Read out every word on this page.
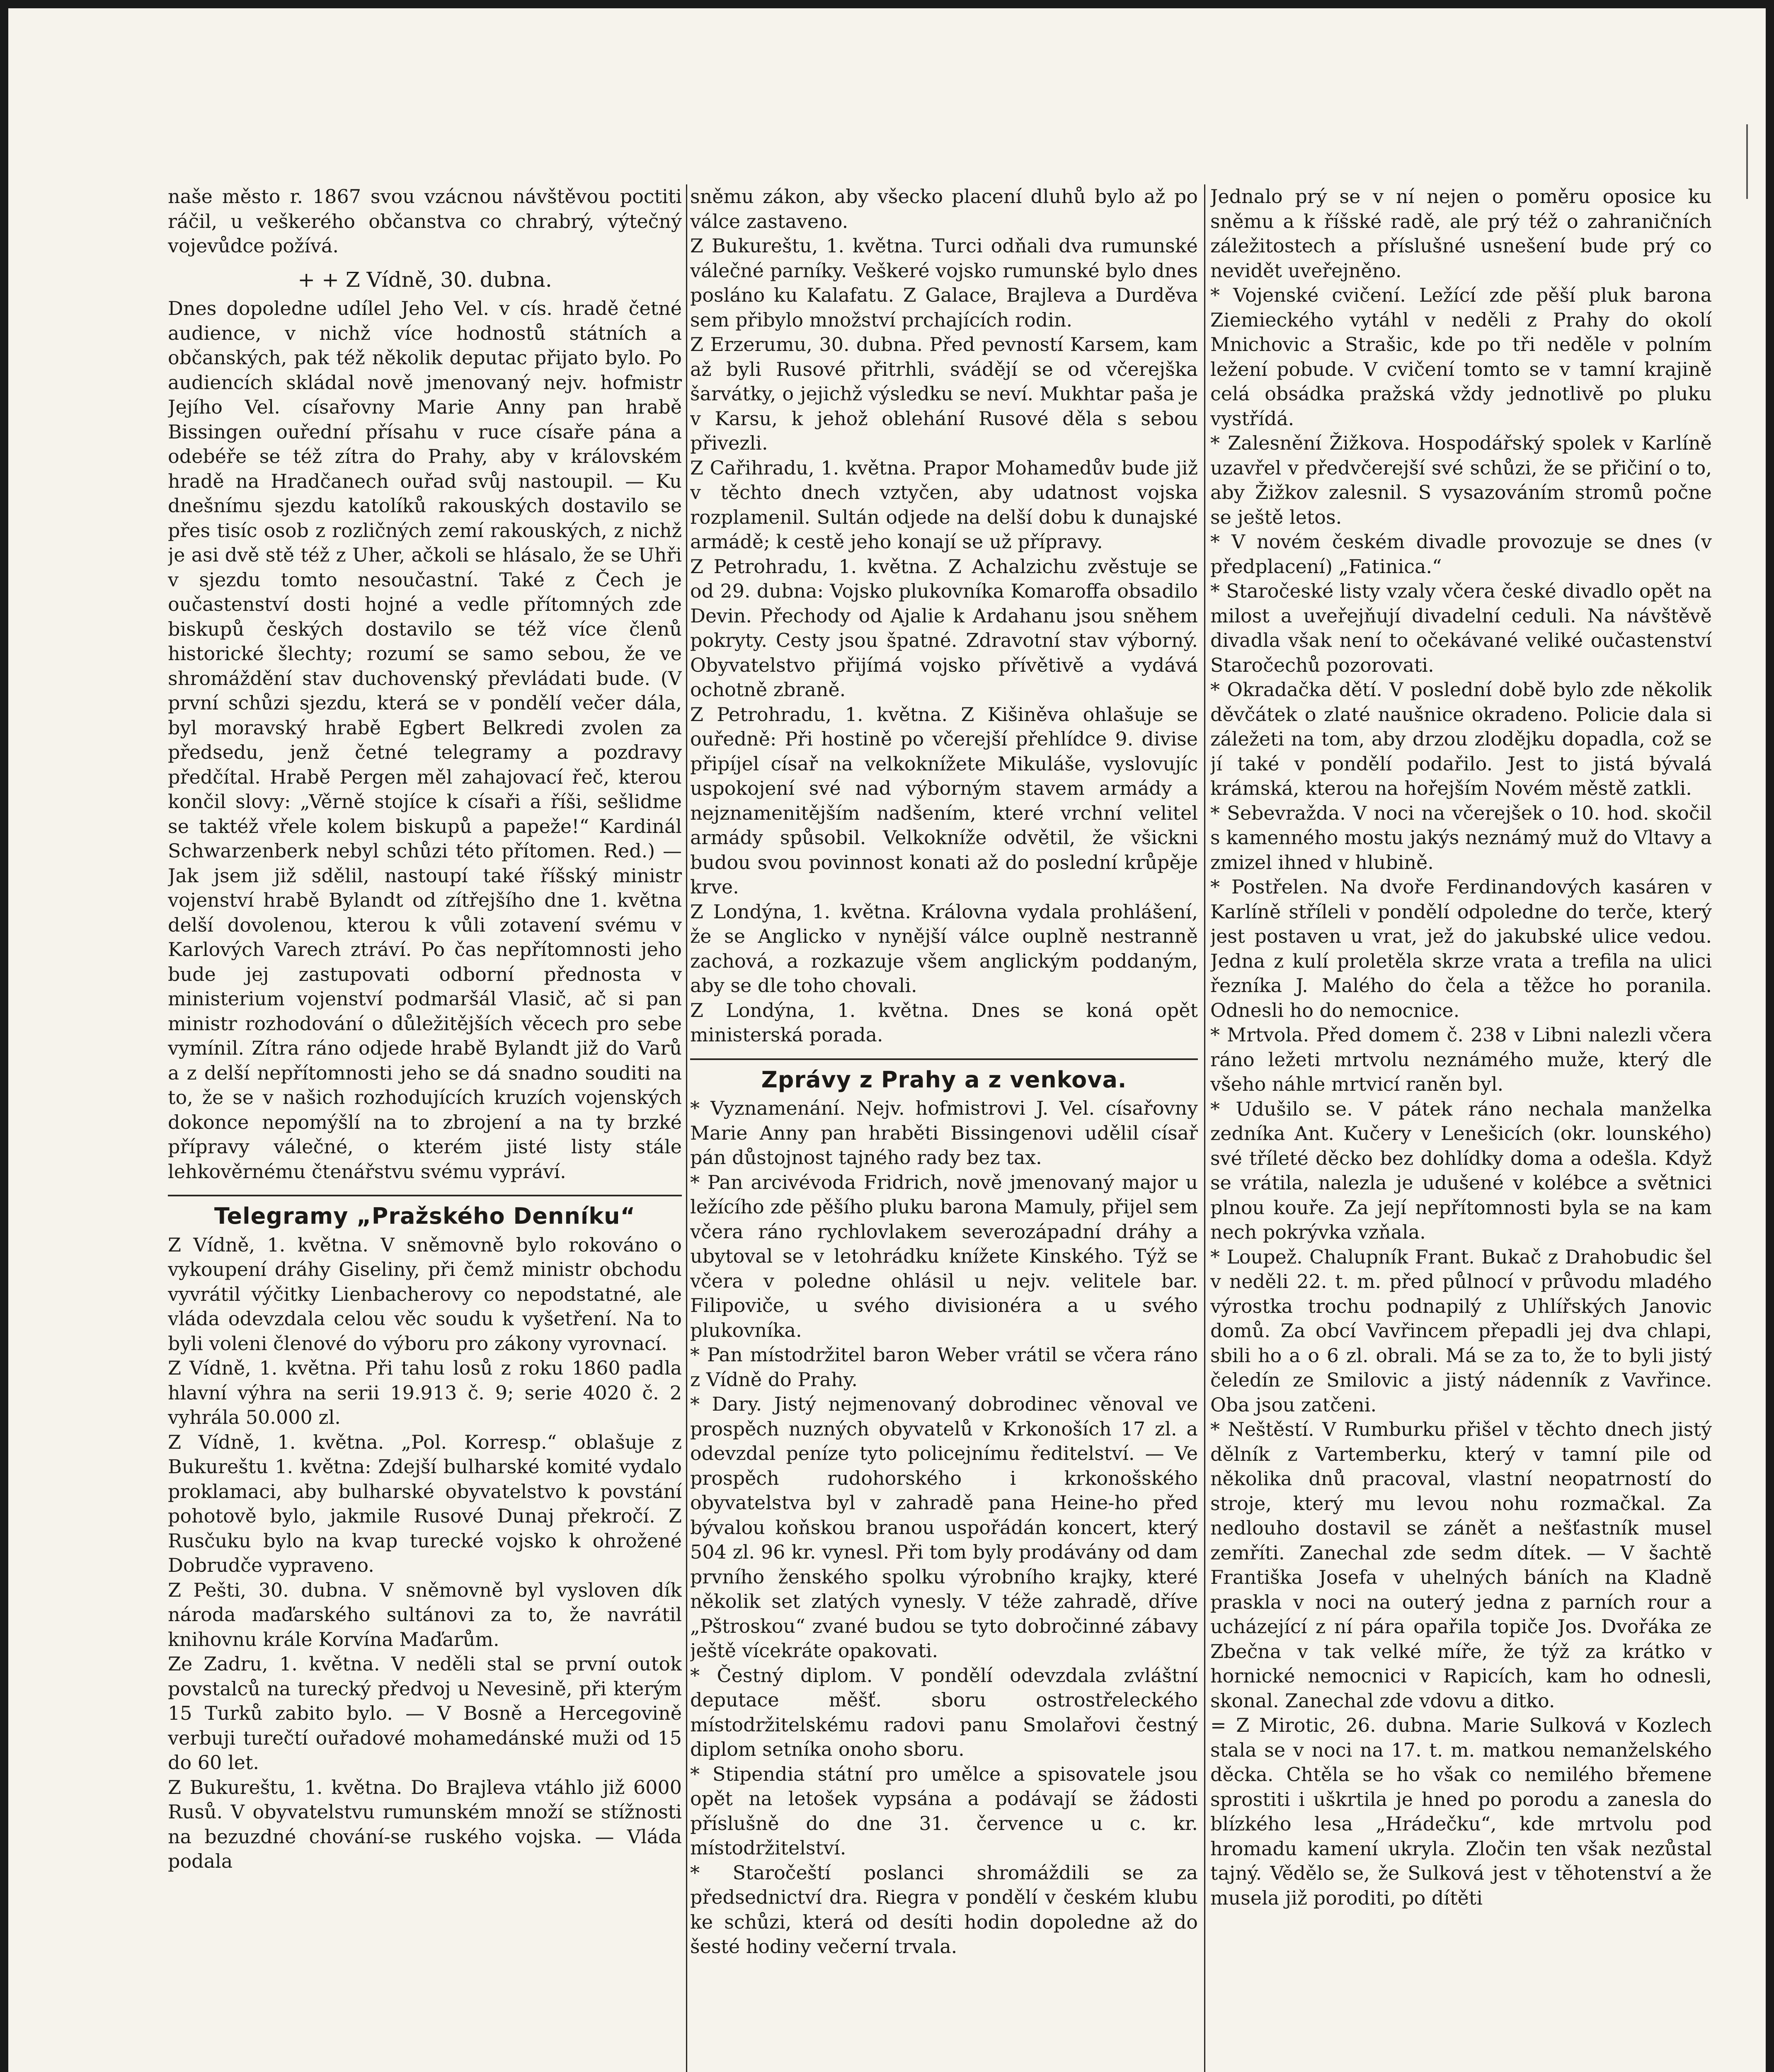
naše město r. 1867 svou vzácnou návštěvou poctiti ráčil, u veškerého občanstva co chrabrý, výtečný vojevůdce požívá.

+ + Z Vídně, 30. dubna.

Dnes dopoledne udílel Jeho Vel. v cís. hradě četné audience, v nichž více hodnostů státních a občanských, pak též několik deputac přijato bylo. Po audiencích skládal nově jmenovaný nejv. hofmistr Jejího Vel. císařovny Marie Anny pan hrabě Bissingen ouřední přísahu v ruce císaře pána a odebéře se též zítra do Prahy, aby v královském hradě na Hradčanech ouřad svůj nastoupil. — Ku dnešnímu sjezdu katolíků rakouských dostavilo se přes tisíc osob z rozličných zemí rakouských, z nichž je asi dvě stě též z Uher, ačkoli se hlásalo, že se Uhři v sjezdu tomto nesoučastní. Také z Čech je oučastenství dosti hojné a vedle přítomných zde biskupů českých dostavilo se též více členů historické šlechty; rozumí se samo sebou, že ve shromáždění stav duchovenský převládati bude. (V první schůzi sjezdu, která se v pondělí večer dála, byl moravský hrabě Egbert Belkredi zvolen za předsedu, jenž četné telegramy a pozdravy předčítal. Hrabě Pergen měl zahajovací řeč, kterou končil slovy: „Věrně stojíce k císaři a říši, sešlidme se taktéž vřele kolem biskupů a papeže!“ Kardinál Schwarzenberk nebyl schůzi této přítomen. Red.) — Jak jsem již sdělil, nastoupí také říšský ministr vojenství hrabě Bylandt od zítřejšího dne 1. května delší dovolenou, kterou k vůli zotavení svému v Karlových Varech ztráví. Po čas nepřítomnosti jeho bude jej zastupovati odborní přednosta v ministerium vojenství podmaršál Vlasič, ač si pan ministr rozhodování o důležitějších věcech pro sebe vymínil. Zítra ráno odjede hrabě Bylandt již do Varů a z delší nepřítomnosti jeho se dá snadno souditi na to, že se v našich rozhodujících kruzích vojenských dokonce nepomýšlí na to zbrojení a na ty brzké přípravy válečné, o kterém jisté listy stále lehkověrnému čtenářstvu svému vypráví.

Telegramy „Pražského Denníku“

Z Vídně, 1. května. V sněmovně bylo rokováno o vykoupení dráhy Giseliny, při čemž ministr obchodu vyvrátil výčitky Lienbacherovy co nepodstatné, ale vláda odevzdala celou věc soudu k vyšetření. Na to byli voleni členové do výboru pro zákony vyrovnací.

Z Vídně, 1. května. Při tahu losů z roku 1860 padla hlavní výhra na serii 19.913 č. 9; serie 4020 č. 2 vyhrála 50.000 zl.

Z Vídně, 1. května. „Pol. Korresp.“ oblašuje z Bukureštu 1. května: Zdejší bulharské komité vydalo proklamaci, aby bulharské obyvatelstvo k povstání pohotově bylo, jakmile Rusové Dunaj překročí. Z Rusčuku bylo na kvap turecké vojsko k ohrožené Dobrudče vypraveno.

Z Pešti, 30. dubna. V sněmovně byl vysloven dík národa maďarského sultánovi za to, že navrátil knihovnu krále Korvína Maďarům.

Ze Zadru, 1. května. V neděli stal se první outok povstalců na turecký předvoj u Nevesině, při kterým 15 Turků zabito bylo. — V Bosně a Hercegovině verbuji turečtí ouřadové mohamedánské muži od 15 do 60 let.

Z Bukureštu, 1. května. Do Brajleva vtáhlo již 6000 Rusů. V obyvatelstvu rumunském množí se stížnosti na bezuzdné chování-se ruského vojska. — Vláda podala

sněmu zákon, aby všecko placení dluhů bylo až po válce zastaveno.

Z Bukureštu, 1. května. Turci odňali dva rumunské válečné parníky. Veškeré vojsko rumunské bylo dnes posláno ku Kalafatu. Z Galace, Brajleva a Durděva sem přibylo množství prchajících rodin.

Z Erzerumu, 30. dubna. Před pevností Karsem, kam až byli Rusové přitrhli, svádějí se od včerejška šarvátky, o jejichž výsledku se neví. Mukhtar paša je v Karsu, k jehož oblehání Rusové děla s sebou přivezli.

Z Cařihradu, 1. května. Prapor Mohamedův bude již v těchto dnech vztyčen, aby udatnost vojska rozplamenil. Sultán odjede na delší dobu k dunajské armádě; k cestě jeho konají se už přípravy.

Z Petrohradu, 1. května. Z Achalzichu zvěstuje se od 29. dubna: Vojsko plukovníka Komaroffa obsadilo Devin. Přechody od Ajalie k Ardahanu jsou sněhem pokryty. Cesty jsou špatné. Zdravotní stav výborný. Obyvatelstvo přijímá vojsko přívětivě a vydává ochotně zbraně.

Z Petrohradu, 1. května. Z Kišiněva ohlašuje se ouředně: Při hostině po včerejší přehlídce 9. divise připíjel císař na velkoknížete Mikuláše, vyslovujíc uspokojení své nad výborným stavem armády a nejznamenitějším nadšením, které vrchní velitel armády spůsobil. Velkokníže odvětil, že všickni budou svou povinnost konati až do poslední krůpěje krve.

Z Londýna, 1. května. Královna vydala prohlášení, že se Anglicko v nynější válce ouplně nestranně zachová, a rozkazuje všem anglickým poddaným, aby se dle toho chovali.

Z Londýna, 1. května. Dnes se koná opět ministerská porada.

Zprávy z Prahy a z venkova.

* Vyznamenání. Nejv. hofmistrovi J. Vel. císařovny Marie Anny pan hraběti Bissingenovi udělil císař pán důstojnost tajného rady bez tax.

* Pan arcivévoda Fridrich, nově jmenovaný major u ležícího zde pěšího pluku barona Mamuly, přijel sem včera ráno rychlovlakem severozápadní dráhy a ubytoval se v letohrádku knížete Kinského. Týž se včera v poledne ohlásil u nejv. velitele bar. Filipoviče, u svého divisionéra a u svého plukovníka.

* Pan místodržitel baron Weber vrátil se včera ráno z Vídně do Prahy.

* Dary. Jistý nejmenovaný dobrodinec věnoval ve prospěch nuzných obyvatelů v Krkonoších 17 zl. a odevzdal peníze tyto policejnímu ředitelství. — Ve prospěch rudohorského i krkonošského obyvatelstva byl v zahradě pana Heine-ho před bývalou koňskou branou uspořádán koncert, který 504 zl. 96 kr. vynesl. Při tom byly prodávány od dam prvního ženského spolku výrobního krajky, které několik set zlatých vynesly. V téže zahradě, dříve „Pštroskou“ zvané budou se tyto dobročinné zábavy ještě vícekráte opakovati.

* Čestný diplom. V pondělí odevzdala zvláštní deputace měšť. sboru ostrostřeleckého místodržitelskému radovi panu Smolařovi čestný diplom setníka onoho sboru.

* Stipendia státní pro umělce a spisovatele jsou opět na letošek vypsána a podávají se žádosti příslušně do dne 31. července u c. kr. místodržitelství.

* Staročeští poslanci shromáždili se za předsednictví dra. Riegra v pondělí v českém klubu ke schůzi, která od desíti hodin dopoledne až do šesté hodiny večerní trvala.

Jednalo prý se v ní nejen o poměru oposice ku sněmu a k říšské radě, ale prý též o zahraničních záležitostech a příslušné usnešení bude prý co nevidět uveřejněno.

* Vojenské cvičení. Ležící zde pěší pluk barona Ziemieckého vytáhl v neděli z Prahy do okolí Mnichovic a Strašic, kde po tři neděle v polním ležení pobude. V cvičení tomto se v tamní krajině celá obsádka pražská vždy jednotlivě po pluku vystřídá.

* Zalesnění Žižkova. Hospodářský spolek v Karlíně uzavřel v předvčerejší své schůzi, že se přičiní o to, aby Žižkov zalesnil. S vysazováním stromů počne se ještě letos.

* V novém českém divadle provozuje se dnes (v předplacení) „Fatinica.“

* Staročeské listy vzaly včera české divadlo opět na milost a uveřejňují divadelní ceduli. Na návštěvě divadla však není to očekávané veliké oučastenství Staročechů pozorovati.

* Okradačka dětí. V poslední době bylo zde několik děvčátek o zlaté naušnice okradeno. Policie dala si záležeti na tom, aby drzou zlodějku dopadla, což se jí také v pondělí podařilo. Jest to jistá bývalá krámská, kterou na hořejším Novém městě zatkli.

* Sebevražda. V noci na včerejšek o 10. hod. skočil s kamenného mostu jakýs neznámý muž do Vltavy a zmizel ihned v hlubině.

* Postřelen. Na dvoře Ferdinandových kasáren v Karlíně stříleli v pondělí odpoledne do terče, který jest postaven u vrat, jež do jakubské ulice vedou. Jedna z kulí proletěla skrze vrata a trefila na ulici řezníka J. Malého do čela a těžce ho poranila. Odnesli ho do nemocnice.

* Mrtvola. Před domem č. 238 v Libni nalezli včera ráno ležeti mrtvolu neznámého muže, který dle všeho náhle mrtvicí raněn byl.

* Udušilo se. V pátek ráno nechala manželka zedníka Ant. Kučery v Lenešicích (okr. lounského) své tříleté děcko bez dohlídky doma a odešla. Když se vrátila, nalezla je udušené v kolébce a světnici plnou kouře. Za její nepřítomnosti byla se na kam nech pokrývka vzňala.

* Loupež. Chalupník Frant. Bukač z Drahobudic šel v neděli 22. t. m. před půlnocí v průvodu mladého výrostka trochu podnapilý z Uhlířských Janovic domů. Za obcí Vavřincem přepadli jej dva chlapi, sbili ho a o 6 zl. obrali. Má se za to, že to byli jistý čeledín ze Smilovic a jistý nádenník z Vavřince. Oba jsou zatčeni.

* Neštěstí. V Rumburku přišel v těchto dnech jistý dělník z Vartemberku, který v tamní pile od několika dnů pracoval, vlastní neopatrností do stroje, který mu levou nohu rozmačkal. Za nedlouho dostavil se zánět a nešťastník musel zemříti. Zanechal zde sedm dítek. — V šachtě Františka Josefa v uhelných báních na Kladně praskla v noci na outerý jedna z parních rour a ucházející z ní pára opařila topiče Jos. Dvořáka ze Zbečna v tak velké míře, že týž za krátko v hornické nemocnici v Rapicích, kam ho odnesli, skonal. Zanechal zde vdovu a ditko.

= Z Mirotic, 26. dubna. Marie Sulková v Kozlech stala se v noci na 17. t. m. matkou nemanželského děcka. Chtěla se ho však co nemilého břemene sprostiti i uškrtila je hned po porodu a zanesla do blízkého lesa „Hrádečku“, kde mrtvolu pod hromadu kamení ukryla. Zločin ten však nezůstal tajný. Vědělo se, že Sulková jest v těhotenství a že musela již poroditi, po dítěti
